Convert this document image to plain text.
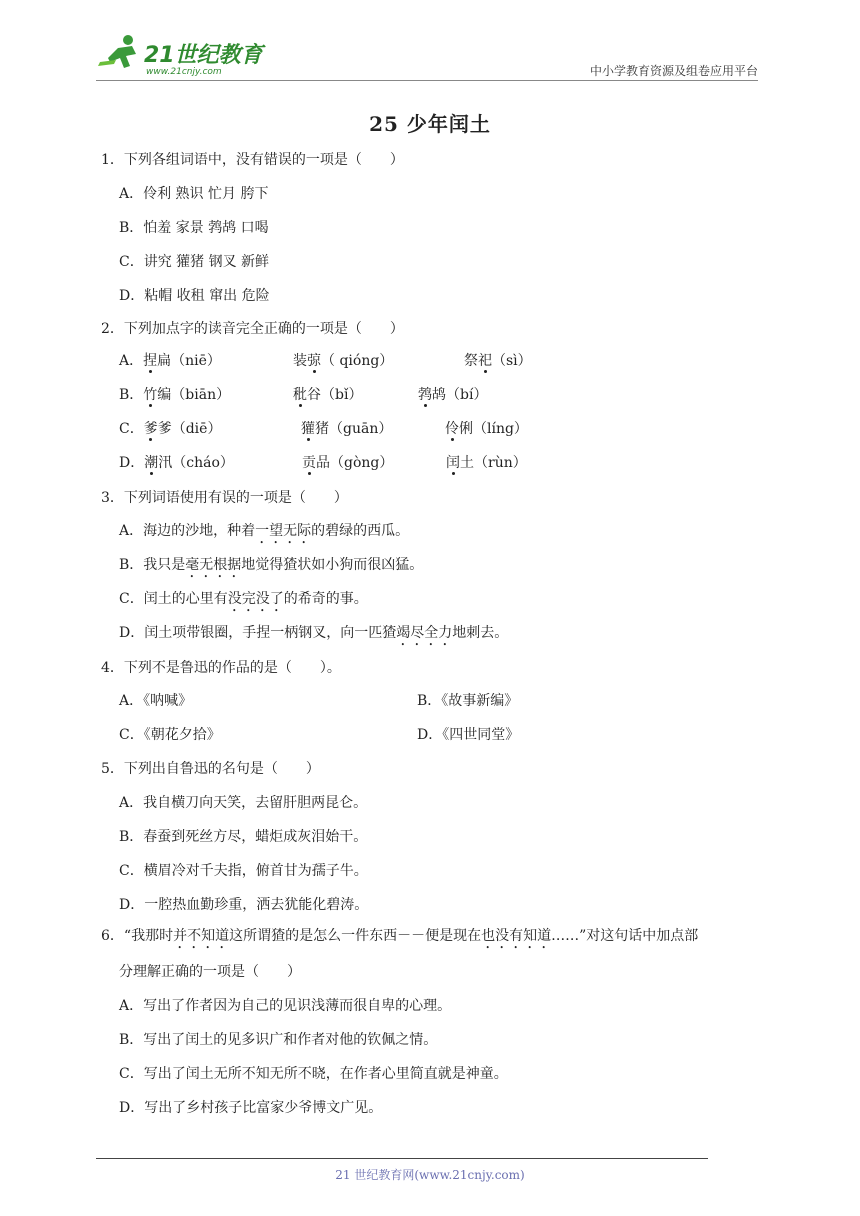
21世纪教育
www.21cnjy.com	中小学教育资源及组卷应用平台
25 少年闰土
1．下列各组词语中，没有错误的一项是（　　）
A．伶利 熟识 忙月 胯下
B．怕羞 家景 鹁鸪 口喝
C．讲究 獾猪 钢叉 新鲜
D．粘帽 收租 窜出 危险
2．下列加点字的读音完全正确的一项是（　　）
A．捏扁（niē）	装弶（ qióng）	祭祀（sì）
B．竹编（biān）	秕谷（bǐ）	鹁鸪（bí）
C．爹爹（diē）	獾猪（guān）	伶俐（líng）
D．潮汛（cháo）	贡品（gòng）	闰土（rùn）
3．下列词语使用有误的一项是（　　）
A．海边的沙地，种着一望无际的碧绿的西瓜。
B．我只是毫无根据地觉得猹状如小狗而很凶猛。
C．闰土的心里有没完没了的希奇的事。
D．闰土项带银圈，手捏一柄钢叉，向一匹猹竭尽全力地刺去。
4．下列不是鲁迅的作品的是（　　）。
A．《呐喊》	B．《故事新编》
C．《朝花夕拾》	D．《四世同堂》
5．下列出自鲁迅的名句是（　　）
A．我自横刀向天笑，去留肝胆两昆仑。
B．春蚕到死丝方尽，蜡炬成灰泪始干。
C．横眉冷对千夫指，俯首甘为孺子牛。
D．一腔热血勤珍重，洒去犹能化碧涛。
6．“我那时并不知道这所谓猹的是怎么一件东西－－便是现在也没有知道……”对这句话中加点部
分理解正确的一项是（　　）
A．写出了作者因为自己的见识浅薄而很自卑的心理。
B．写出了闰土的见多识广和作者对他的钦佩之情。
C．写出了闰土无所不知无所不晓，在作者心里简直就是神童。
D．写出了乡村孩子比富家少爷博文广见。
21 世纪教育网(www.21cnjy.com)
